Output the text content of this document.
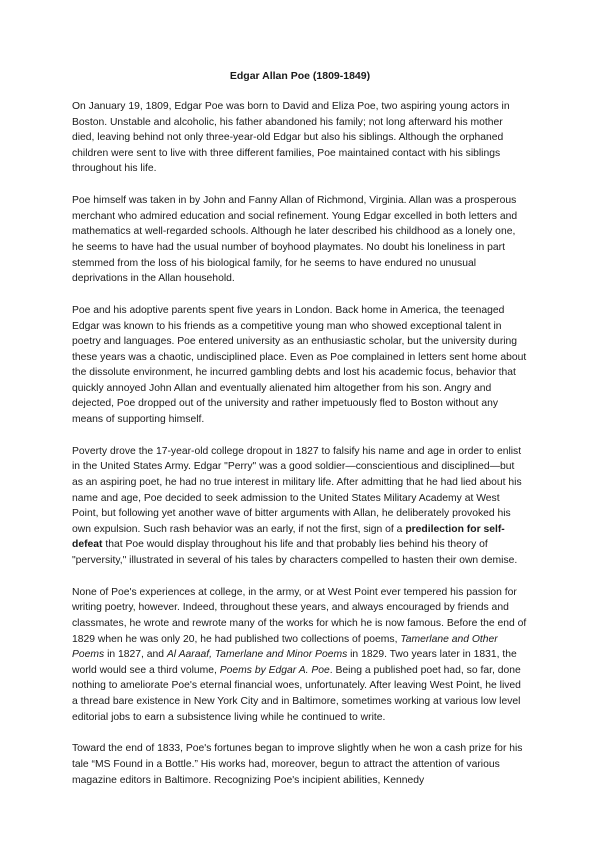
Edgar Allan Poe (1809-1849)

On January 19, 1809, Edgar Poe was born to David and Eliza Poe, two aspiring young actors in Boston. Unstable and alcoholic, his father abandoned his family; not long afterward his mother died, leaving behind not only three-year-old Edgar but also his siblings. Although the orphaned children were sent to live with three different families, Poe maintained contact with his siblings throughout his life.

Poe himself was taken in by John and Fanny Allan of Richmond, Virginia. Allan was a prosperous merchant who admired education and social refinement. Young Edgar excelled in both letters and mathematics at well-regarded schools. Although he later described his childhood as a lonely one, he seems to have had the usual number of boyhood playmates. No doubt his loneliness in part stemmed from the loss of his biological family, for he seems to have endured no unusual deprivations in the Allan household.

Poe and his adoptive parents spent five years in London. Back home in America, the teenaged Edgar was known to his friends as a competitive young man who showed exceptional talent in poetry and languages. Poe entered university as an enthusiastic scholar, but the university during these years was a chaotic, undisciplined place. Even as Poe complained in letters sent home about the dissolute environment, he incurred gambling debts and lost his academic focus, behavior that quickly annoyed John Allan and eventually alienated him altogether from his son. Angry and dejected, Poe dropped out of the university and rather impetuously fled to Boston without any means of supporting himself.

Poverty drove the 17-year-old college dropout in 1827 to falsify his name and age in order to enlist in the United States Army. Edgar "Perry" was a good soldier—conscientious and disciplined—but as an aspiring poet, he had no true interest in military life. After admitting that he had lied about his name and age, Poe decided to seek admission to the United States Military Academy at West Point, but following yet another wave of bitter arguments with Allan, he deliberately provoked his own expulsion. Such rash behavior was an early, if not the first, sign of a predilection for self-defeat that Poe would display throughout his life and that probably lies behind his theory of "perversity," illustrated in several of his tales by characters compelled to hasten their own demise.

None of Poe's experiences at college, in the army, or at West Point ever tempered his passion for writing poetry, however. Indeed, throughout these years, and always encouraged by friends and classmates, he wrote and rewrote many of the works for which he is now famous. Before the end of 1829 when he was only 20, he had published two collections of poems, Tamerlane and Other Poems in 1827, and Al Aaraaf, Tamerlane and Minor Poems in 1829. Two years later in 1831, the world would see a third volume, Poems by Edgar A. Poe. Being a published poet had, so far, done nothing to ameliorate Poe's eternal financial woes, unfortunately. After leaving West Point, he lived a thread bare existence in New York City and in Baltimore, sometimes working at various low level editorial jobs to earn a subsistence living while he continued to write.

Toward the end of 1833, Poe's fortunes began to improve slightly when he won a cash prize for his tale “MS Found in a Bottle.” His works had, moreover, begun to attract the attention of various magazine editors in Baltimore. Recognizing Poe's incipient abilities, Kennedy
